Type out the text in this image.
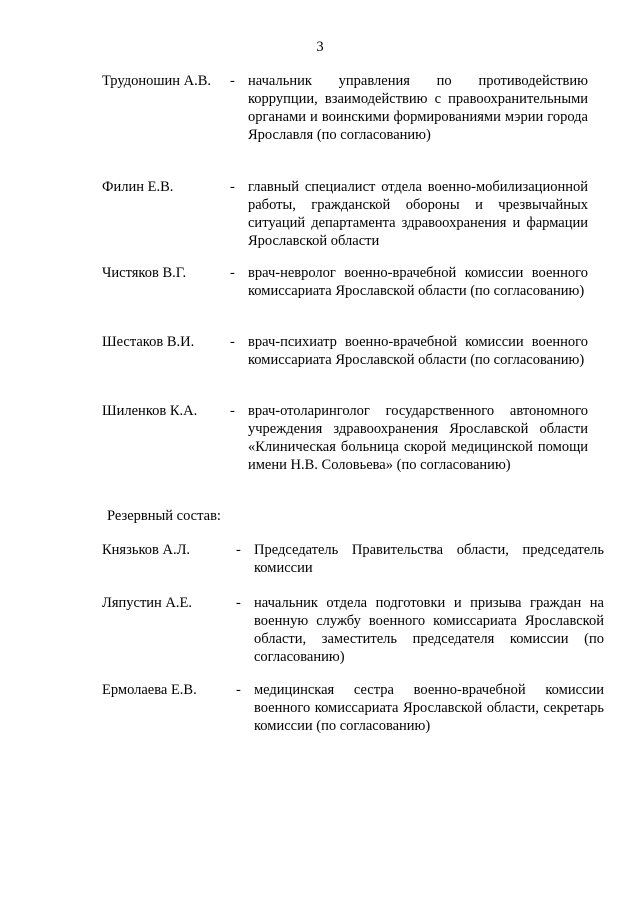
3
Трудоношин А.В. - начальник управления по противодействию коррупции, взаимодействию с правоохранительными органами и воинскими формированиями мэрии города Ярославля (по согласованию)
Филин Е.В.	- главный специалист отдела военно-мобилизационной работы, гражданской обороны и чрезвычайных ситуаций департамента здравоохранения и фармации Ярославской области
Чистяков В.Г.	- врач-невролог военно-врачебной комиссии военного комиссариата Ярославской области (по согласованию)
Шестаков В.И. - врач-психиатр военно-врачебной комиссии военного комиссариата Ярославской области (по согласованию)
Шиленков К.А. - врач-отоларинголог государственного автономного учреждения здравоохранения Ярославской области «Клиническая больница скорой медицинской помощи имени Н.В. Соловьева» (по согласованию)
Резервный состав:
Князьков А.Л.	- Председатель Правительства области, председатель комиссии
Ляпустин А.Е.	- начальник отдела подготовки и призыва граждан на военную службу военного комиссариата Ярославской области, заместитель председателя комиссии (по согласованию)
Ермолаева Е.В.	- медицинская сестра военно-врачебной комиссии военного комиссариата Ярославской области, секретарь комиссии (по согласованию)
